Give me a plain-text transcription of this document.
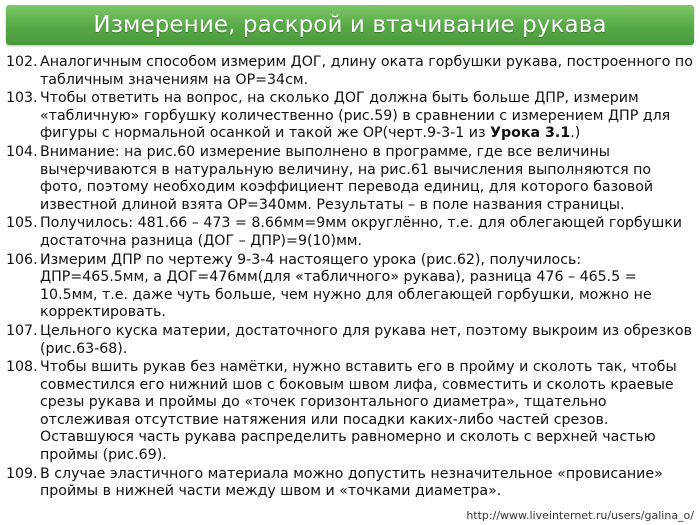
Измерение, раскрой и втачивание рукава
102. Аналогичным способом измерим ДОГ, длину оката горбушки рукава, построенного по табличным значениям на ОР=34см.
103. Чтобы ответить на вопрос, на сколько ДОГ должна быть больше ДПР, измерим «табличную» горбушку количественно (рис.59) в сравнении с измерением ДПР для фигуры с нормальной осанкой и такой же ОР(черт.9-3-1 из Урока 3.1.)
104. Внимание: на рис.60 измерение выполнено в программе, где все величины вычерчиваются в натуральную величину, на рис.61 вычисления выполняются по фото, поэтому необходим коэффициент перевода единиц, для которого базовой известной длиной взята ОР=340мм. Результаты – в поле названия страницы.
105. Получилось: 481.66 – 473 = 8.66мм=9мм округлённо, т.е. для облегающей горбушки достаточна разница (ДОГ – ДПР)=9(10)мм.
106. Измерим ДПР по чертежу 9-3-4 настоящего урока (рис.62), получилось: ДПР=465.5мм, а ДОГ=476мм(для «табличного» рукава), разница 476 – 465.5 = 10.5мм, т.е. даже чуть больше, чем нужно для облегающей горбушки, можно не корректировать.
107. Цельного куска материи, достаточного для рукава нет, поэтому выкроим из обрезков (рис.63-68).
108. Чтобы вшить рукав без намётки, нужно вставить его в пройму и сколоть так, чтобы совместился его нижний шов с боковым швом лифа, совместить и сколоть краевые срезы рукава и проймы до «точек горизонтального диаметра», тщательно отслеживая отсутствие натяжения или посадки каких-либо частей срезов. Оставшуюся часть рукава распределить равномерно и сколоть с верхней частью проймы (рис.69).
109. В случае эластичного материала можно допустить незначительное «провисание» проймы в нижней части между швом и «точками диаметра».
http://www.liveinternet.ru/users/galina_o/
